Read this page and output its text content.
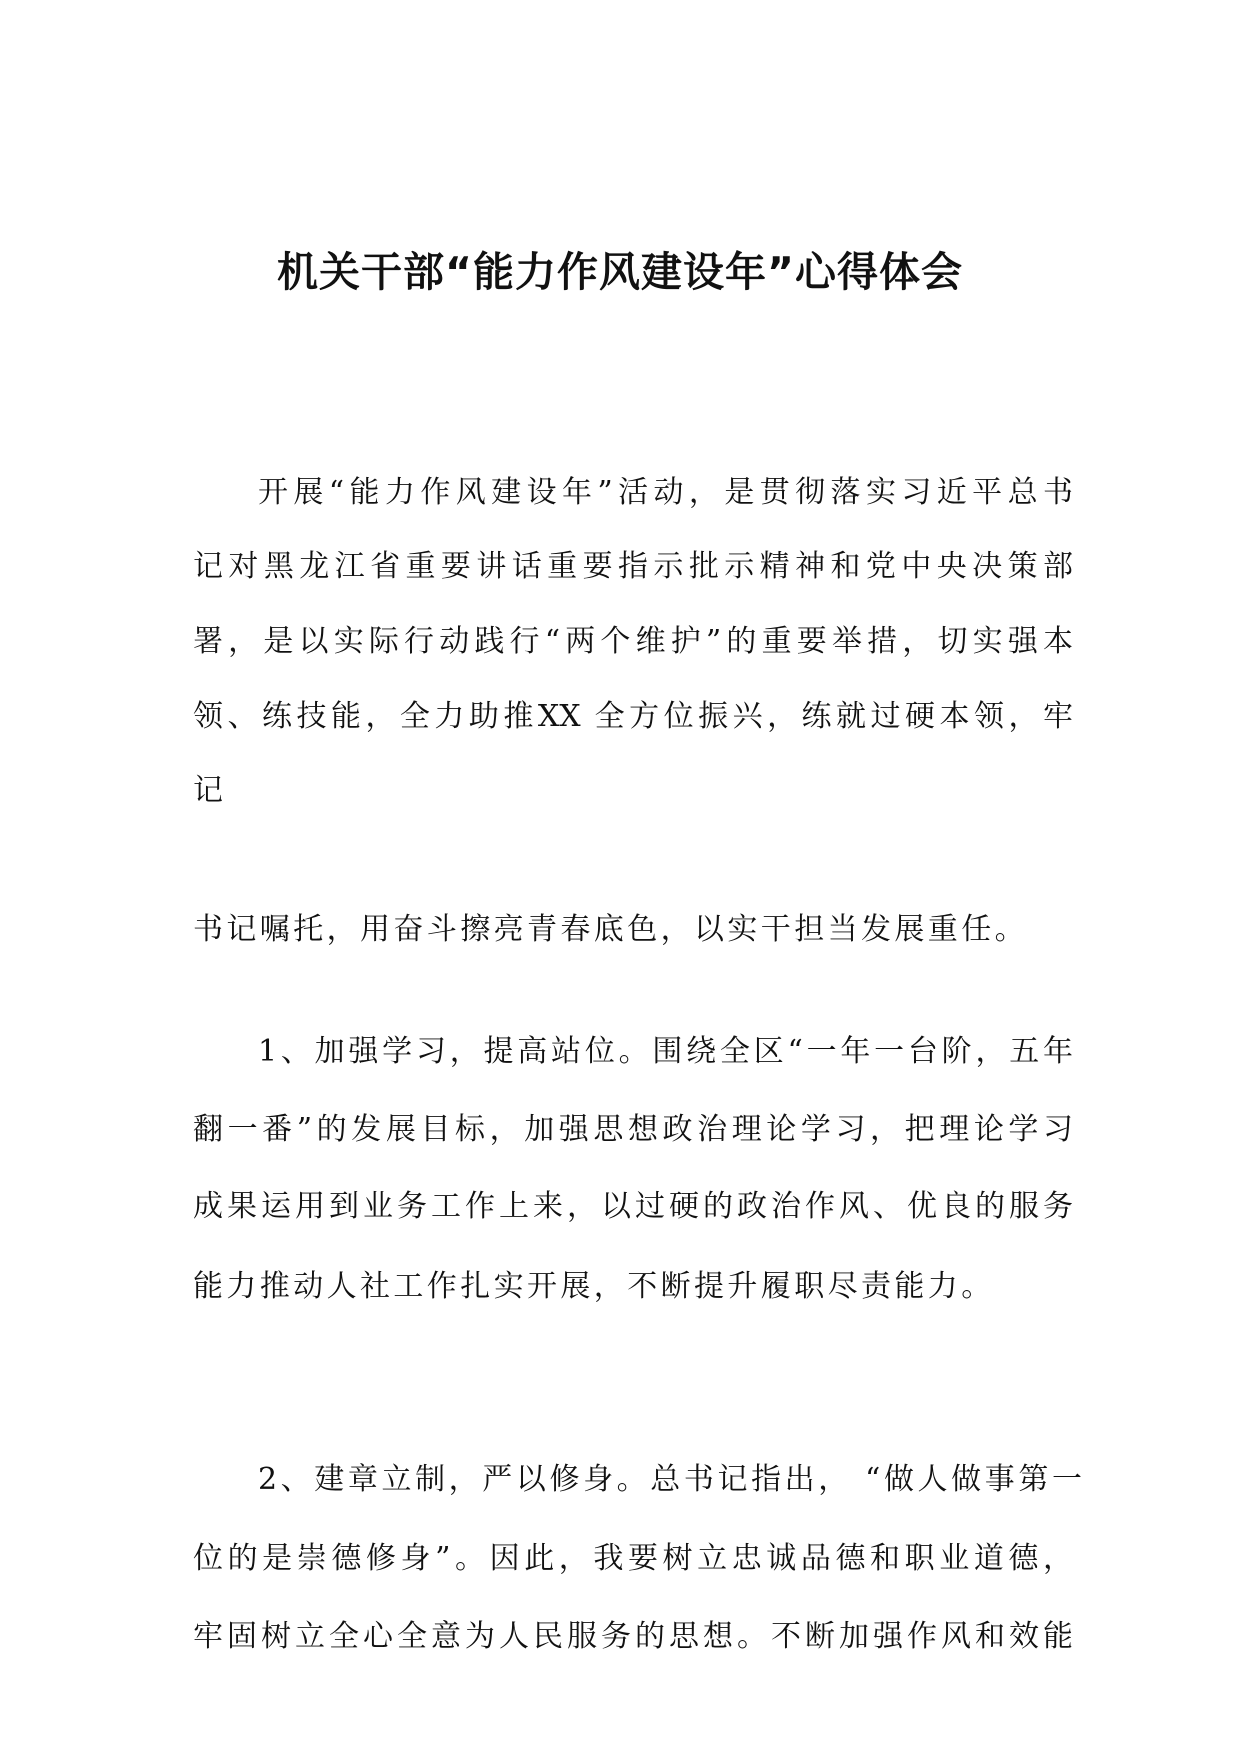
机关干部“能力作风建设年”心得体会
开展“能力作风建设年”活动，是贯彻落实习近平总书
记对黑龙江省重要讲话重要指示批示精神和党中央决策部
署，是以实际行动践行“两个维护”的重要举措，切实强本
领、练技能，全力助推XX 全方位振兴，练就过硬本领，牢
记
书记嘱托，用奋斗擦亮青春底色，以实干担当发展重任。
1、加强学习，提高站位。围绕全区“一年一台阶，五年
翻一番”的发展目标，加强思想政治理论学习，把理论学习
成果运用到业务工作上来，以过硬的政治作风、优良的服务
能力推动人社工作扎实开展，不断提升履职尽责能力。
2、建章立制，严以修身。总书记指出， “做人做事第一
位的是崇德修身”。因此，我要树立忠诚品德和职业道德，
牢固树立全心全意为人民服务的思想。不断加强作风和效能
